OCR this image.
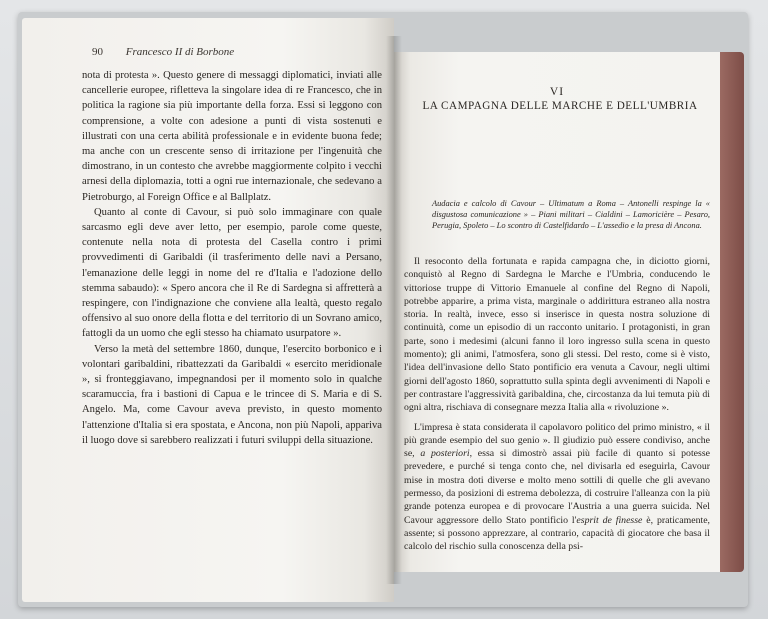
90 Francesco II di Borbone

nota di protesta ». Questo genere di messaggi diplomatici, inviati alle cancellerie europee, rifletteva la singolare idea di re Francesco, che in politica la ragione sia più importante della forza. Essi si leggono con comprensione, a volte con adesione a punti di vista sostenuti e illustrati con una certa abilità professionale e in evidente buona fede; ma anche con un crescente senso di irritazione per l'ingenuità che dimostrano, in un contesto che avrebbe maggiormente colpito i vecchi arnesi della diplomazia, totti a ogni rue internazionale, che sedevano a Pietroburgo, al Foreign Office e al Ballplatz.

Quanto al conte di Cavour, si può solo immaginare con quale sarcasmo egli deve aver letto, per esempio, parole come queste, contenute nella nota di protesta del Casella contro i primi provvedimenti di Garibaldi (il trasferimento delle navi a Persano, l'emanazione delle leggi in nome del re d'Italia e l'adozione dello stemma sabaudo): « Spero ancora che il Re di Sardegna si affretterà a respingere, con l'indignazione che conviene alla lealtà, questo regalo offensivo al suo onore della flotta e del territorio di un Sovrano amico, fattogli da un uomo che egli stesso ha chiamato usurpatore ».

Verso la metà del settembre 1860, dunque, l'esercito borbonico e i volontari garibaldini, ribattezzati da Garibaldi « esercito meridionale », si fronteggiavano, impegnandosi per il momento solo in qualche scaramuccia, fra i bastioni di Capua e le trincee di S. Maria e di S. Angelo. Ma, come Cavour aveva previsto, in questo momento l'attenzione d'Italia si era spostata, e Ancona, non più Napoli, appariva il luogo dove si sarebbero realizzati i futuri sviluppi della situazione.

VI
LA CAMPAGNA DELLE MARCHE E DELL'UMBRIA
Audacia e calcolo di Cavour – Ultimatum a Roma – Antonelli respinge la « disgustosa comunicazione » – Piani militari – Cialdini – Lamoricière – Pesaro, Perugia, Spoleto – Lo scontro di Castelfidardo – L'assedio e la presa di Ancona.

Il resoconto della fortunata e rapida campagna che, in diciotto giorni, conquistò al Regno di Sardegna le Marche e l'Umbria, conducendo le vittoriose truppe di Vittorio Emanuele al confine del Regno di Napoli, potrebbe apparire, a prima vista, marginale o addirittura estraneo alla nostra storia. In realtà, invece, esso si inserisce in questa nostra soluzione di continuità, come un episodio di un racconto unitario. I protagonisti, in gran parte, sono i medesimi (alcuni fanno il loro ingresso sulla scena in questo momento); gli animi, l'atmosfera, sono gli stessi. Del resto, come si è visto, l'idea dell'invasione dello Stato pontificio era venuta a Cavour, negli ultimi giorni dell'agosto 1860, soprattutto sulla spinta degli avvenimenti di Napoli e per contrastare l'aggressività garibaldina, che, circostanza da lui temuta più di ogni altra, rischiava di consegnare mezza Italia alla « rivoluzione ».

L'impresa è stata considerata il capolavoro politico del primo ministro, « il più grande esempio del suo genio ». Il giudizio può essere condiviso, anche se, a posteriori, essa si dimostrò assai più facile di quanto si potesse prevedere, e purché si tenga conto che, nel divisarla ed eseguirla, Cavour mise in mostra doti diverse e molto meno sottili di quelle che gli avevano permesso, da posizioni di estrema debolezza, di costruire l'alleanza con la più grande potenza europea e di provocare l'Austria a una guerra suicida. Nel Cavour aggressore dello Stato pontificio l'esprit de finesse è, praticamente, assente; si possono apprezzare, al contrario, capacità di giocatore che basa il calcolo del rischio sulla conoscenza della psi-
